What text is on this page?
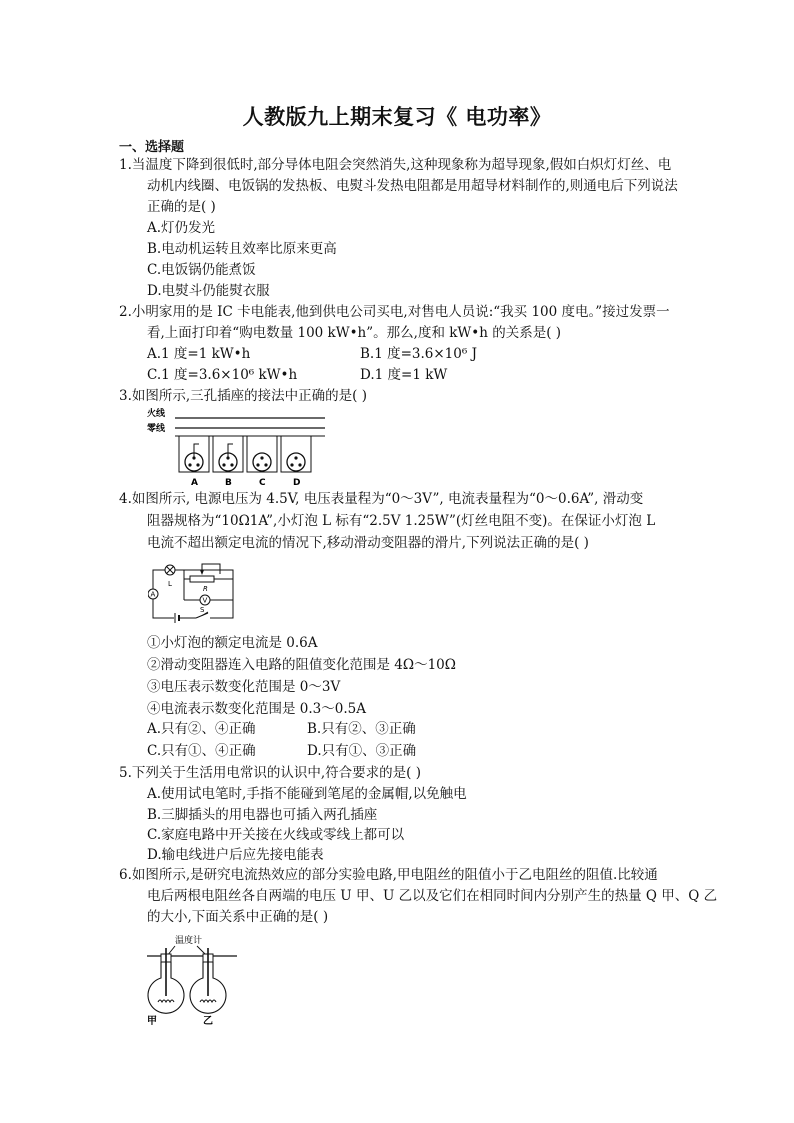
人教版九上期末复习《 电功率》
一、选择题
1.当温度下降到很低时,部分导体电阻会突然消失,这种现象称为超导现象,假如白炽灯灯丝、电
动机内线圈、电饭锅的发热板、电熨斗发热电阻都是用超导材料制作的,则通电后下列说法
正确的是( )
A.灯仍发光
B.电动机运转且效率比原来更高
C.电饭锅仍能煮饭
D.电熨斗仍能熨衣服
2.小明家用的是 IC 卡电能表,他到供电公司买电,对售电人员说:“我买 100 度电。”接过发票一
看,上面打印着“购电数量 100 kW•h”。那么,度和 kW•h 的关系是( )
A.1 度=1 kW•h	B.1 度=3.6×10⁶ J
C.1 度=3.6×10⁶ kW•h	D.1 度=1 kW
3.如图所示,三孔插座的接法中正确的是( )
火线
零线
A	B	C	D
4.如图所示, 电源电压为 4.5V, 电压表量程为“0～3V”, 电流表量程为“0～0.6A”, 滑动变
阻器规格为“10Ω1A”,小灯泡 L 标有“2.5V 1.25W”(灯丝电阻不变)。在保证小灯泡 L
电流不超出额定电流的情况下,移动滑动变阻器的滑片,下列说法正确的是( )
L
R
V
A
S
①小灯泡的额定电流是 0.6A
②滑动变阻器连入电路的阻值变化范围是 4Ω～10Ω
③电压表示数变化范围是 0～3V
④电流表示数变化范围是 0.3～0.5A
A.只有②、④正确	B.只有②、③正确
C.只有①、④正确	D.只有①、③正确
5.下列关于生活用电常识的认识中,符合要求的是( )
A.使用试电笔时,手指不能碰到笔尾的金属帽,以免触电
B.三脚插头的用电器也可插入两孔插座
C.家庭电路中开关接在火线或零线上都可以
D.输电线进户后应先接电能表
6.如图所示,是研究电流热效应的部分实验电路,甲电阻丝的阻值小于乙电阻丝的阻值.比较通
电后两根电阻丝各自两端的电压 U 甲、U 乙以及它们在相同时间内分别产生的热量 Q 甲、Q 乙
的大小,下面关系中正确的是( )
温度计
甲	乙
